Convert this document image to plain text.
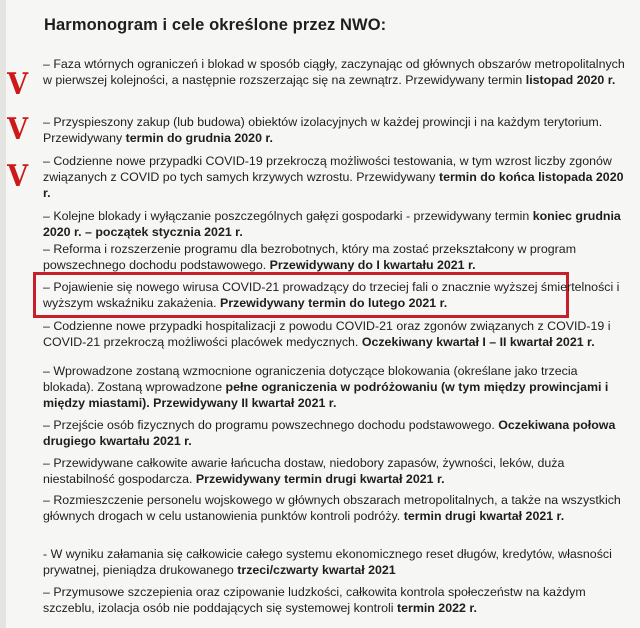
Harmonogram i cele określone przez NWO:
V
V
V
– Faza wtórnych ograniczeń i blokad w sposób ciągły, zaczynając od głównych obszarów metropolitalnych w pierwszej kolejności, a następnie rozszerzając się na zewnątrz. Przewidywany termin listopad 2020 r.
– Przyspieszony zakup (lub budowa) obiektów izolacyjnych w każdej prowincji i na każdym terytorium. Przewidywany termin do grudnia 2020 r.
– Codzienne nowe przypadki COVID-19 przekroczą możliwości testowania, w tym wzrost liczby zgonów związanych z COVID po tych samych krzywych wzrostu. Przewidywany termin do końca listopada 2020 r.
– Kolejne blokady i wyłączanie poszczególnych gałęzi gospodarki - przewidywany termin koniec grudnia 2020 r. – początek stycznia 2021 r.
– Reforma i rozszerzenie programu dla bezrobotnych, który ma zostać przekształcony w program powszechnego dochodu podstawowego. Przewidywany do I kwartału 2021 r.
– Pojawienie się nowego wirusa COVID-21 prowadzący do trzeciej fali o znacznie wyższej śmiertelności i wyższym wskaźniku zakażenia. Przewidywany termin do lutego 2021 r.
– Codzienne nowe przypadki hospitalizacji z powodu COVID-21 oraz zgonów związanych z COVID-19 i COVID-21 przekroczą możliwości placówek medycznych. Oczekiwany kwartał I – II kwartał 2021 r.
– Wprowadzone zostaną wzmocnione ograniczenia dotyczące blokowania (określane jako trzecia blokada). Zostaną wprowadzone pełne ograniczenia w podróżowaniu (w tym między prowincjami i między miastami). Przewidywany II kwartał 2021 r.
– Przejście osób fizycznych do programu powszechnego dochodu podstawowego. Oczekiwana połowa drugiego kwartału 2021 r.
– Przewidywane całkowite awarie łańcucha dostaw, niedobory zapasów, żywności, leków, duża niestabilność gospodarcza. Przewidywany termin drugi kwartał 2021 r.
– Rozmieszczenie personelu wojskowego w głównych obszarach metropolitalnych, a także na wszystkich głównych drogach w celu ustanowienia punktów kontroli podróży. termin drugi kwartał 2021 r.
- W wyniku załamania się całkowicie całego systemu ekonomicznego reset długów, kredytów, własności prywatnej, pieniądza drukowanego trzeci/czwarty kwartał 2021
– Przymusowe szczepienia oraz czipowanie ludzkości, całkowita kontrola społeczeństw na każdym szczeblu, izolacja osób nie poddających się systemowej kontroli termin 2022 r.
